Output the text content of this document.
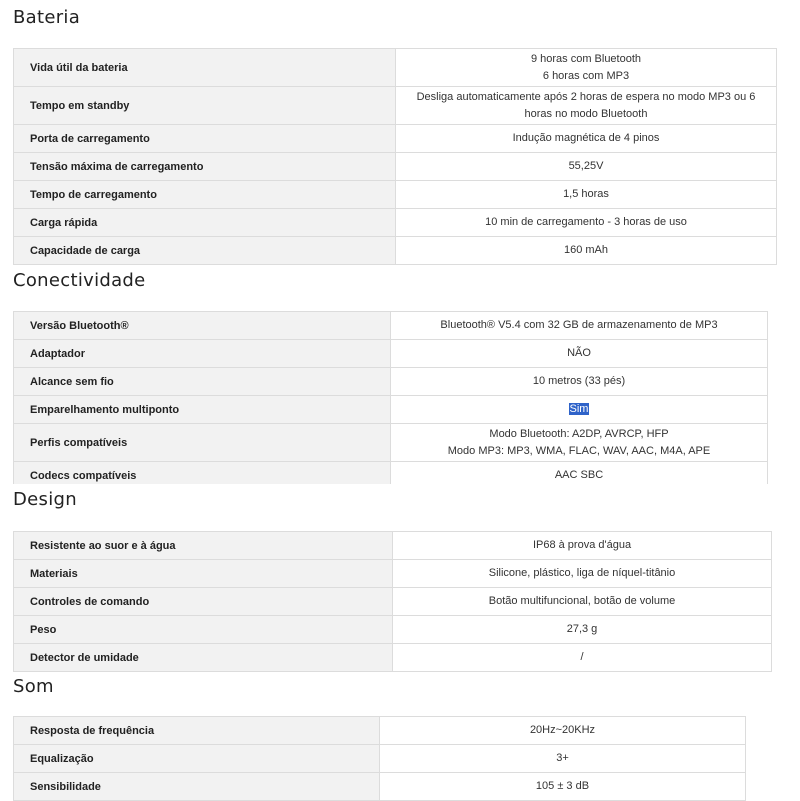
Bateria
Vida útil da bateria	9 horas com Bluetooth
6 horas com MP3

Tempo em standby	Desliga automaticamente após 2 horas de espera no modo MP3 ou 6
horas no modo Bluetooth

Porta de carregamento	Indução magnética de 4 pinos
Tensão máxima de carregamento	55,25V
Tempo de carregamento	1,5 horas
Carga rápida	10 min de carregamento - 3 horas de uso
Capacidade de carga	160 mAh
Conectividade
Versão Bluetooth®	Bluetooth® V5.4 com 32 GB de armazenamento de MP3
Adaptador	NÃO
Alcance sem fio	10 metros (33 pés)
Emparelhamento multiponto	Sim
Perfis compatíveis	Modo Bluetooth: A2DP, AVRCP, HFP
Modo MP3: MP3, WMA, FLAC, WAV, AAC, M4A, APE

Codecs compatíveis	AAC SBC
Design
Resistente ao suor e à água	IP68 à prova d'água
Materiais	Silicone, plástico, liga de níquel-titânio
Controles de comando	Botão multifuncional, botão de volume
Peso	27,3 g
Detector de umidade	/
Som
Resposta de frequência	20Hz~20KHz
Equalização	3+
Sensibilidade	105 ± 3 dB
